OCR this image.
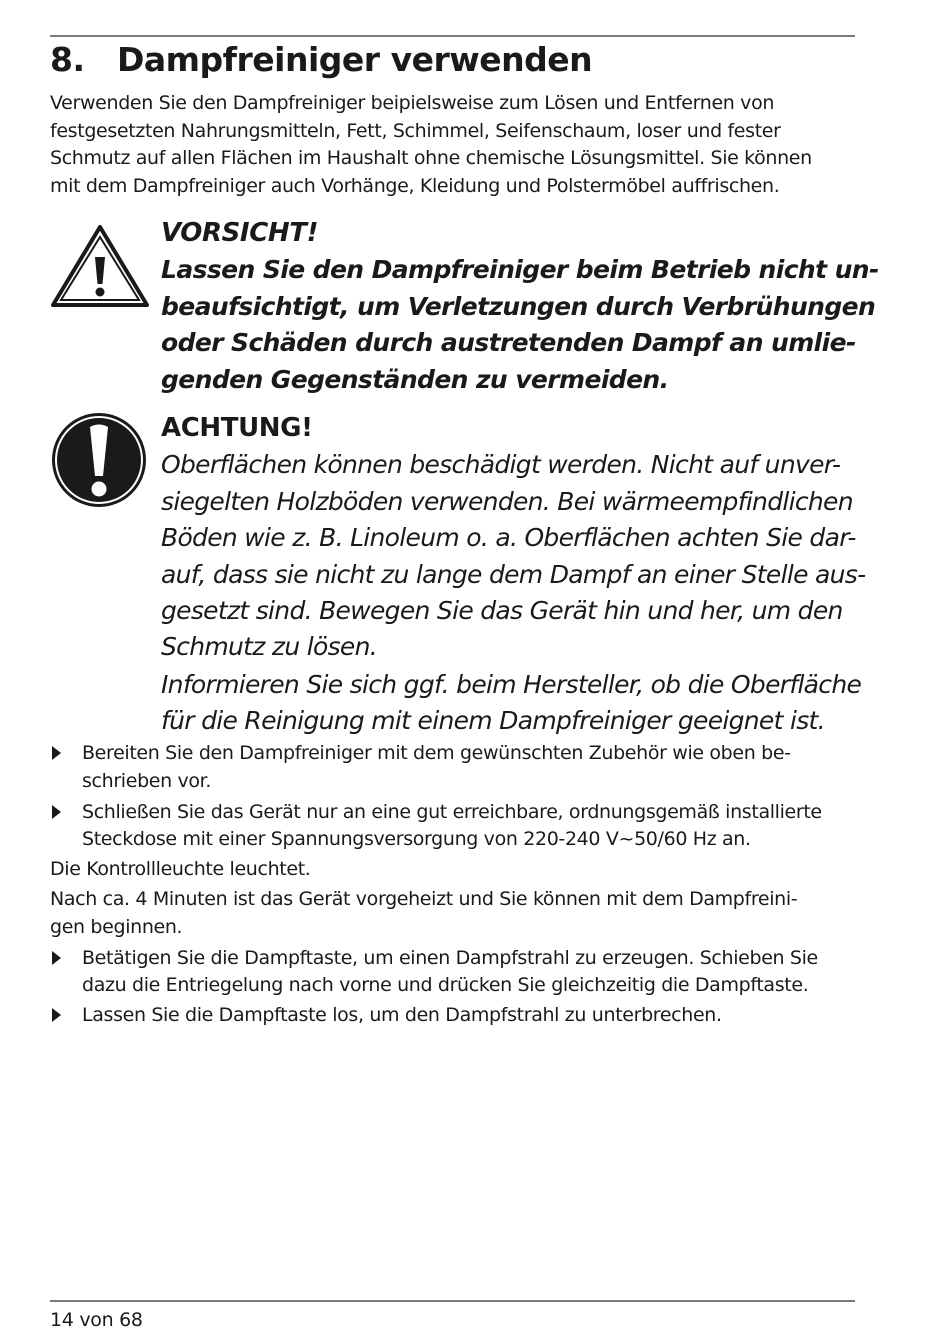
8. Dampfreiniger verwenden
Verwenden Sie den Dampfreiniger beipielsweise zum Lösen und Entfernen von
festgesetzten Nahrungsmitteln, Fett, Schimmel, Seifenschaum, loser und fester
Schmutz auf allen Flächen im Haushalt ohne chemische Lösungsmittel. Sie können
mit dem Dampfreiniger auch Vorhänge, Kleidung und Polstermöbel auffrischen.
VORSICHT!
Lassen Sie den Dampfreiniger beim Betrieb nicht un-
beaufsichtigt, um Verletzungen durch Verbrühungen
oder Schäden durch austretenden Dampf an umlie-
genden Gegenständen zu vermeiden.
ACHTUNG!
Oberflächen können beschädigt werden. Nicht auf unver-
siegelten Holzböden verwenden. Bei wärmeempfindlichen
Böden wie z. B. Linoleum o. a. Oberflächen achten Sie dar-
auf, dass sie nicht zu lange dem Dampf an einer Stelle aus-
gesetzt sind. Bewegen Sie das Gerät hin und her, um den
Schmutz zu lösen.
Informieren Sie sich ggf. beim Hersteller, ob die Oberfläche
für die Reinigung mit einem Dampfreiniger geeignet ist.
Bereiten Sie den Dampfreiniger mit dem gewünschten Zubehör wie oben be-
schrieben vor.
Schließen Sie das Gerät nur an eine gut erreichbare, ordnungsgemäß installierte
Steckdose mit einer Spannungsversorgung von 220-240 V~50/60 Hz an.
Die Kontrollleuchte leuchtet.
Nach ca. 4 Minuten ist das Gerät vorgeheizt und Sie können mit dem Dampfreini-
gen beginnen.
Betätigen Sie die Dampftaste, um einen Dampfstrahl zu erzeugen. Schieben Sie
dazu die Entriegelung nach vorne und drücken Sie gleichzeitig die Dampftaste.
Lassen Sie die Dampftaste los, um den Dampfstrahl zu unterbrechen.
14 von 68
